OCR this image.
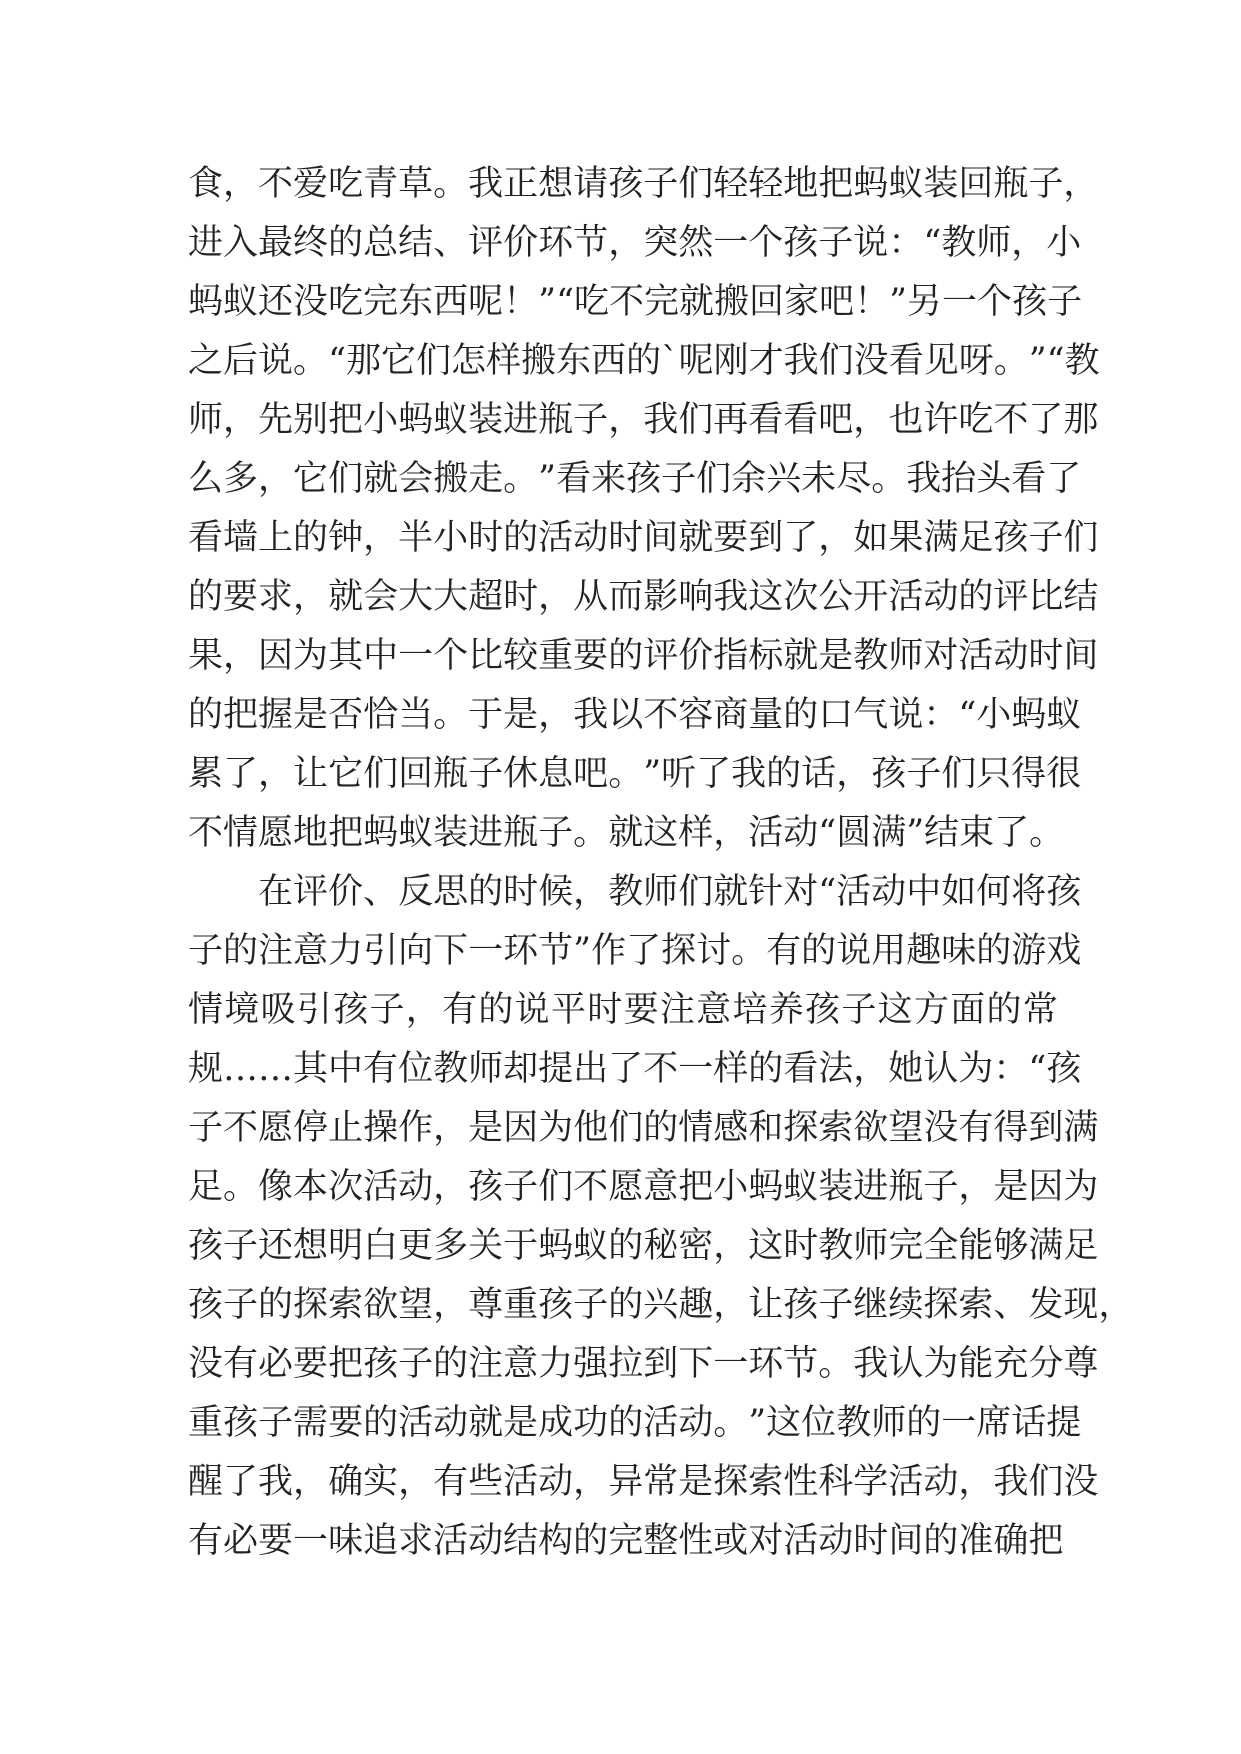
食 ， 不 爱 吃 青 草 。 我 正 想 请 孩 子 们 轻 轻 地 把 蚂 蚁 装 回 瓶 子 ，
进 入 最 终 的 总 结 、 评 价 环 节 ， 突 然 一 个 孩 子 说 ： “ 教 师 ， 小
蚂 蚁 还 没 吃 完 东 西 呢 ！ ” “ 吃 不 完 就 搬 回 家 吧 ！ ” 另 一 个 孩 子
之 后 说 。 “ 那 它 们 怎 样 搬 东 西 的 ` 呢 刚 才 我 们 没 看 见 呀 。 ” “ 教
师 ， 先 别 把 小 蚂 蚁 装 进 瓶 子 ， 我 们 再 看 看 吧 ， 也 许 吃 不 了 那
么 多 ， 它 们 就 会 搬 走 。 ” 看 来 孩 子 们 余 兴 未 尽 。 我 抬 头 看 了
看 墙 上 的 钟 ， 半 小 时 的 活 动 时 间 就 要 到 了 ， 如 果 满 足 孩 子 们
的 要 求 ， 就 会 大 大 超 时 ， 从 而 影 响 我 这 次 公 开 活 动 的 评 比 结
果 ， 因 为 其 中 一 个 比 较 重 要 的 评 价 指 标 就 是 教 师 对 活 动 时 间
的 把 握 是 否 恰 当 。 于 是 ， 我 以 不 容 商 量 的 口 气 说 ： “ 小 蚂 蚁
累 了 ， 让 它 们 回 瓶 子 休 息 吧 。 ” 听 了 我 的 话 ， 孩 子 们 只 得 很
不 情 愿 地 把 蚂 蚁 装 进 瓶 子 。 就 这 样 ， 活 动 “ 圆 满 ” 结 束 了 。
在 评 价 、 反 思 的 时 候 ， 教 师 们 就 针 对 “ 活 动 中 如 何 将 孩
子 的 注 意 力 引 向 下 一 环 节 ” 作 了 探 讨 。 有 的 说 用 趣 味 的 游 戏
情 境 吸 引 孩 子 ， 有 的 说 平 时 要 注 意 培 养 孩 子 这 方 面 的 常
规 … … 其 中 有 位 教 师 却 提 出 了 不 一 样 的 看 法 ， 她 认 为 ： “ 孩
子 不 愿 停 止 操 作 ， 是 因 为 他 们 的 情 感 和 探 索 欲 望 没 有 得 到 满
足 。 像 本 次 活 动 ， 孩 子 们 不 愿 意 把 小 蚂 蚁 装 进 瓶 子 ， 是 因 为
孩 子 还 想 明 白 更 多 关 于 蚂 蚁 的 秘 密 ， 这 时 教 师 完 全 能 够 满 足
孩 子 的 探 索 欲 望 ， 尊 重 孩 子 的 兴 趣 ， 让 孩 子 继 续 探 索 、 发 现 ，
没 有 必 要 把 孩 子 的 注 意 力 强 拉 到 下 一 环 节 。 我 认 为 能 充 分 尊
重 孩 子 需 要 的 活 动 就 是 成 功 的 活 动 。 ” 这 位 教 师 的 一 席 话 提
醒 了 我 ， 确 实 ， 有 些 活 动 ， 异 常 是 探 索 性 科 学 活 动 ， 我 们 没
有 必 要 一 味 追 求 活 动 结 构 的 完 整 性 或 对 活 动 时 间 的 准 确 把
